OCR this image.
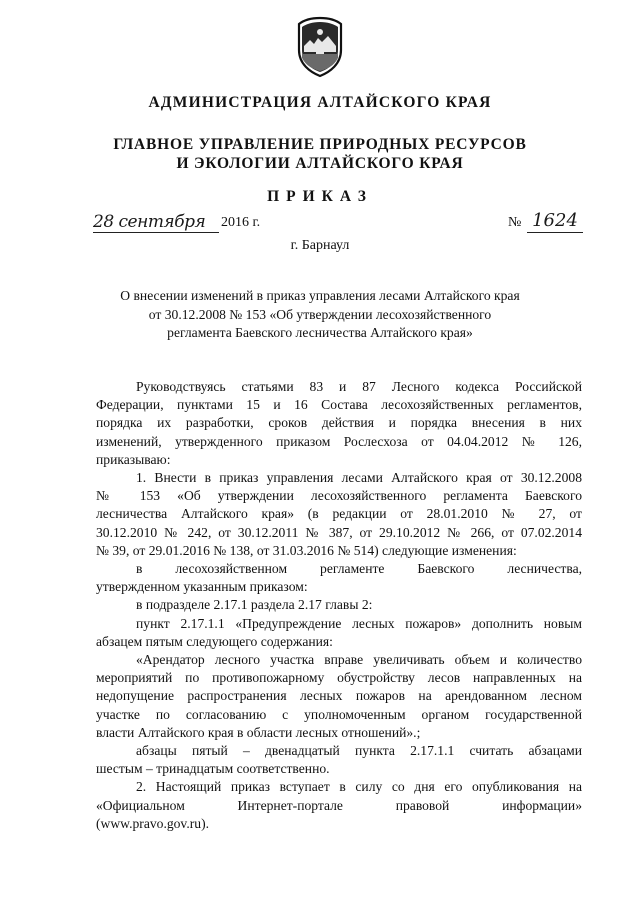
АДМИНИСТРАЦИЯ АЛТАЙСКОГО КРАЯ
ГЛАВНОЕ УПРАВЛЕНИЕ ПРИРОДНЫХ РЕСУРСОВ
И ЭКОЛОГИИ АЛТАЙСКОГО КРАЯ
ПРИКАЗ
28 сентября	2016 г.	№ 1624
г. Барнаул
О внесении изменений в приказ управления лесами Алтайского края
от 30.12.2008 № 153 «Об утверждении лесохозяйственного
регламента Баевского лесничества Алтайского края»
Руководствуясь статьями 83 и 87 Лесного кодекса Российской
Федерации, пунктами 15 и 16 Состава лесохозяйственных регламентов,
порядка их разработки, сроков действия и порядка внесения в них
изменений, утвержденного приказом Рослесхоза от 04.04.2012 № 126,
приказываю:
1. Внести в приказ управления лесами Алтайского края от 30.12.2008
№ 153 «Об утверждении лесохозяйственного регламента Баевского
лесничества Алтайского края» (в редакции от 28.01.2010 № 27, от
30.12.2010 № 242, от 30.12.2011 № 387, от 29.10.2012 № 266, от 07.02.2014
№ 39, от 29.01.2016 № 138, от 31.03.2016 № 514) следующие изменения:
в лесохозяйственном регламенте Баевского лесничества,
утвержденном указанным приказом:
в подразделе 2.17.1 раздела 2.17 главы 2:
пункт 2.17.1.1 «Предупреждение лесных пожаров» дополнить новым
абзацем пятым следующего содержания:
«Арендатор лесного участка вправе увеличивать объем и количество
мероприятий по противопожарному обустройству лесов направленных на
недопущение распространения лесных пожаров на арендованном лесном
участке по согласованию с уполномоченным органом государственной
власти Алтайского края в области лесных отношений».;
абзацы пятый – двенадцатый пункта 2.17.1.1 считать абзацами
шестым – тринадцатым соответственно.
2. Настоящий приказ вступает в силу со дня его опубликования на
«Официальном Интернет-портале правовой информации»
(www.pravo.gov.ru).
